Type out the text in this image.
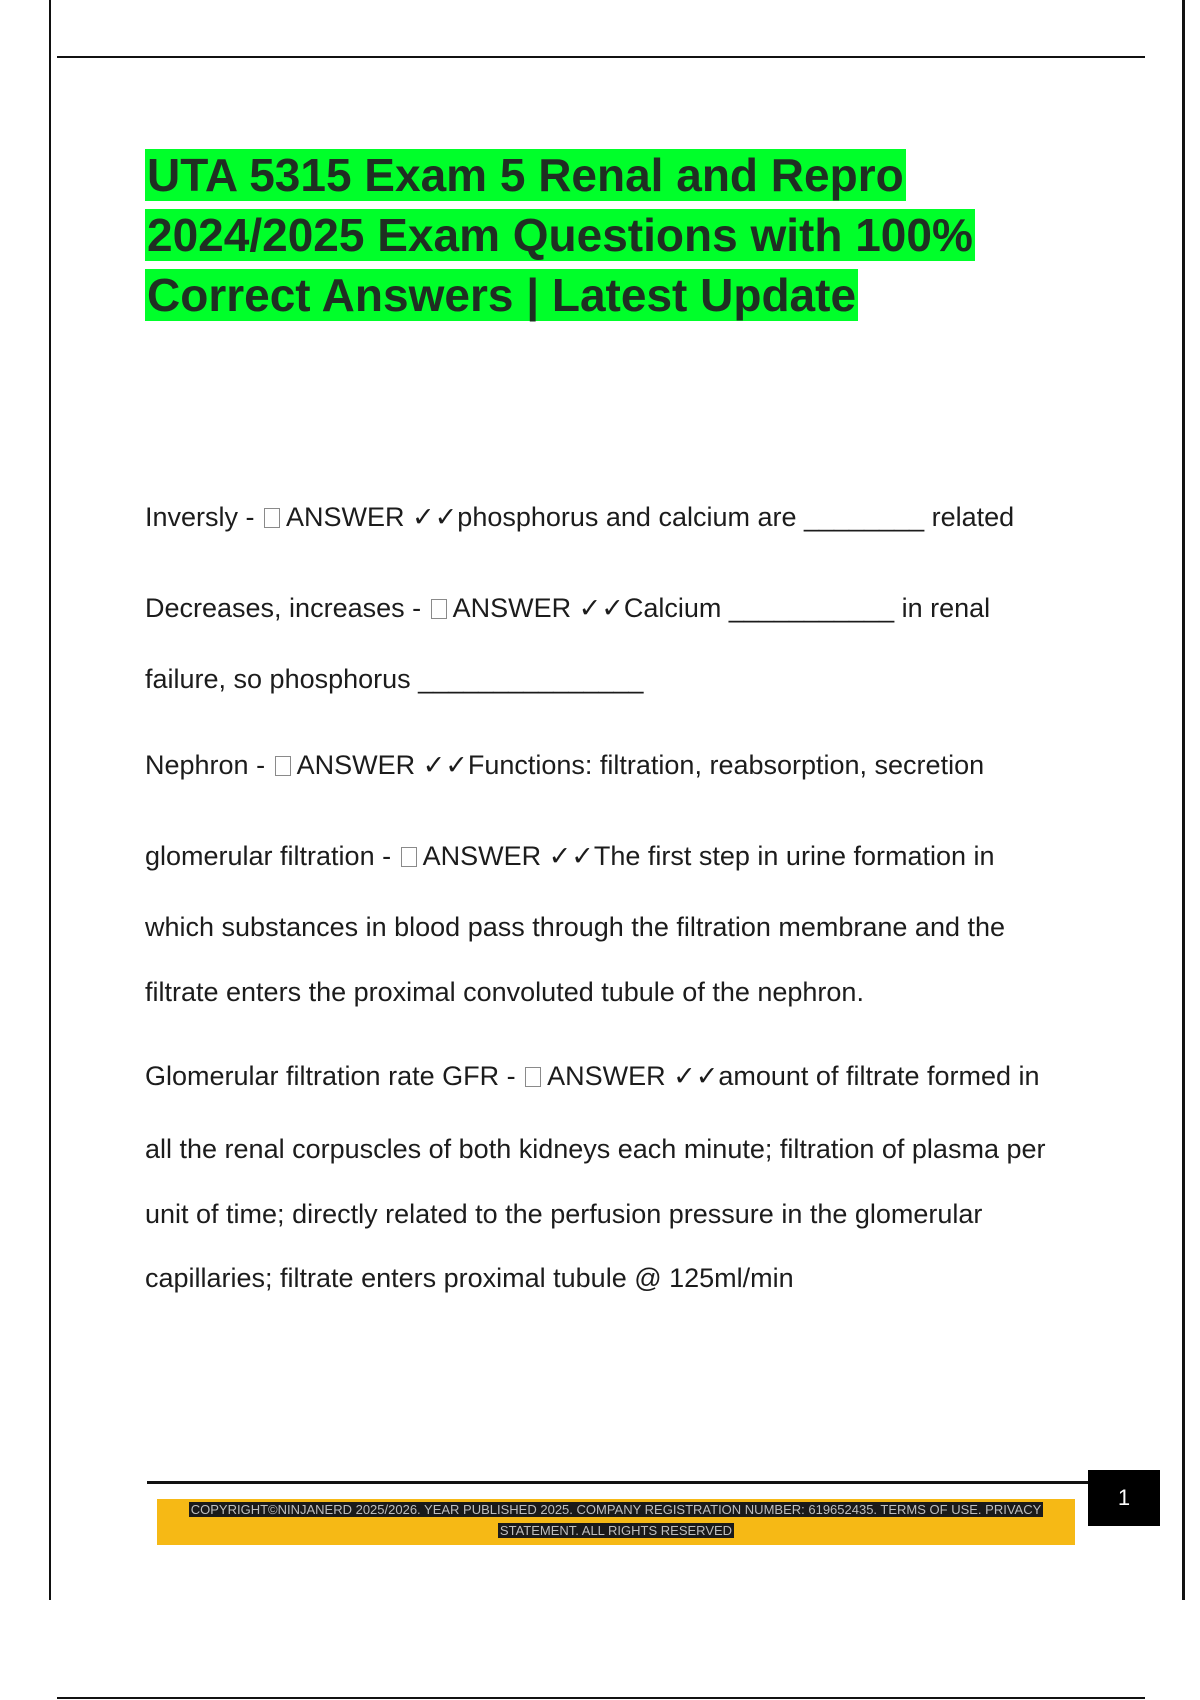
UTA 5315 Exam 5 Renal and Repro
2024/2025 Exam Questions with 100%
Correct Answers | Latest Update

Inversly - ANSWER ✓✓phosphorus and calcium are ________ related

Decreases, increases - ANSWER ✓✓Calcium ___________ in renal

failure, so phosphorus _______________

Nephron - ANSWER ✓✓Functions: filtration, reabsorption, secretion

glomerular filtration - ANSWER ✓✓The first step in urine formation in

which substances in blood pass through the filtration membrane and the

filtrate enters the proximal convoluted tubule of the nephron.

Glomerular filtration rate GFR - ANSWER ✓✓amount of filtrate formed in

all the renal corpuscles of both kidneys each minute; filtration of plasma per

unit of time; directly related to the perfusion pressure in the glomerular

capillaries; filtrate enters proximal tubule @ 125ml/min

COPYRIGHT©NINJANERD 2025/2026. YEAR PUBLISHED 2025. COMPANY REGISTRATION NUMBER: 619652435. TERMS OF USE. PRIVACY
STATEMENT. ALL RIGHTS RESERVED
1
